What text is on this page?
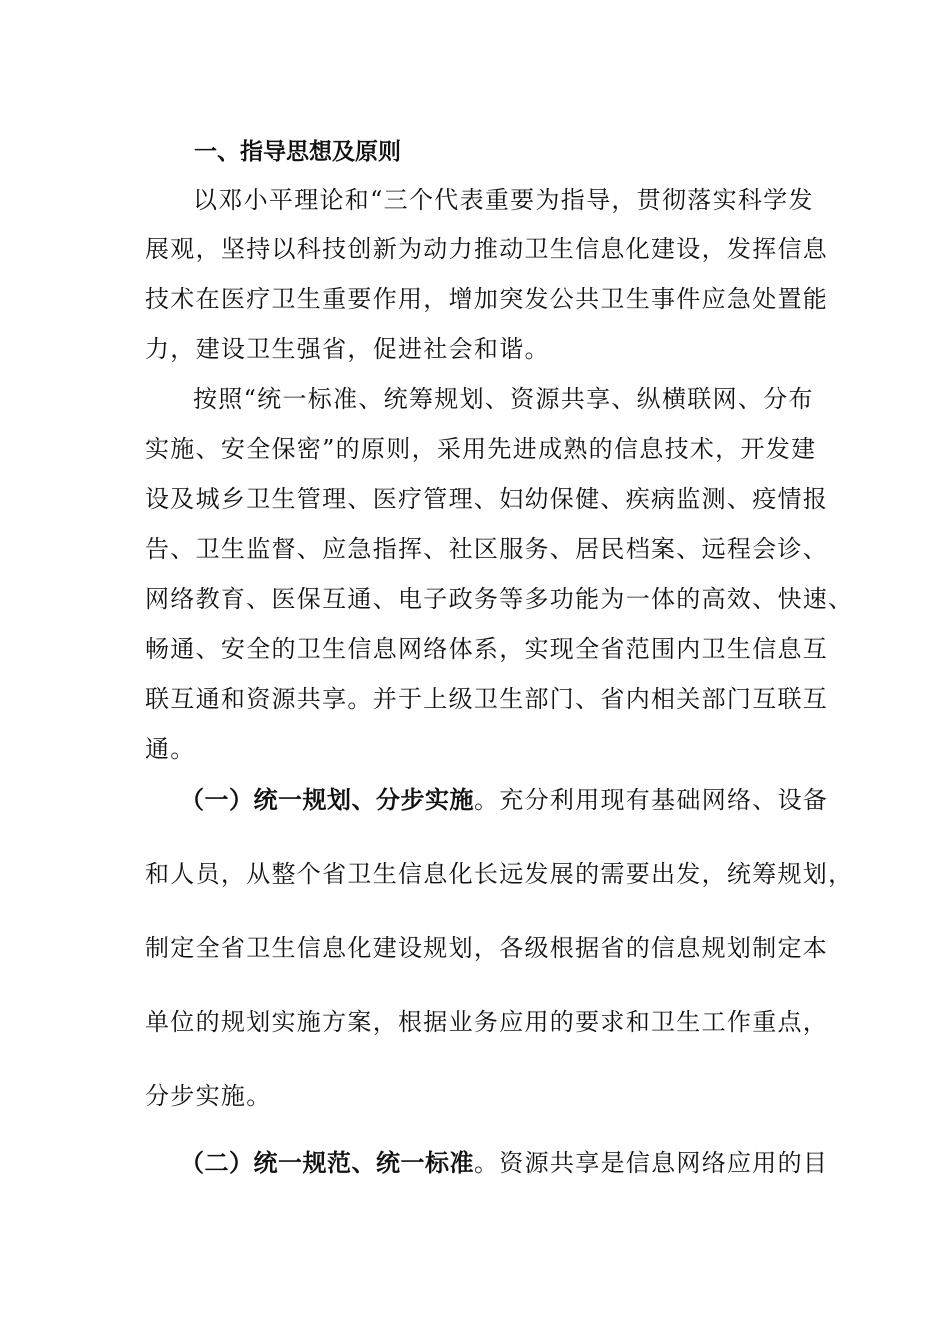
一、指导思想及原则
以邓小平理论和“三个代表重要为指导，贯彻落实科学发
展观，坚持以科技创新为动力推动卫生信息化建设，发挥信息
技术在医疗卫生重要作用，增加突发公共卫生事件应急处置能
力，建设卫生强省，促进社会和谐。
按照“统一标准、统筹规划、资源共享、纵横联网、分布
实施、安全保密”的原则，采用先进成熟的信息技术，开发建
设及城乡卫生管理、医疗管理、妇幼保健、疾病监测、疫情报
告、卫生监督、应急指挥、社区服务、居民档案、远程会诊、
网络教育、医保互通、电子政务等多功能为一体的高效、快速、
畅通、安全的卫生信息网络体系，实现全省范围内卫生信息互
联互通和资源共享。并于上级卫生部门、省内相关部门互联互
通。
（一）统一规划、分步实施。充分利用现有基础网络、设备
和人员，从整个省卫生信息化长远发展的需要出发，统筹规划，
制定全省卫生信息化建设规划，各级根据省的信息规划制定本
单位的规划实施方案，根据业务应用的要求和卫生工作重点，
分步实施。
（二）统一规范、统一标准。资源共享是信息网络应用的目
